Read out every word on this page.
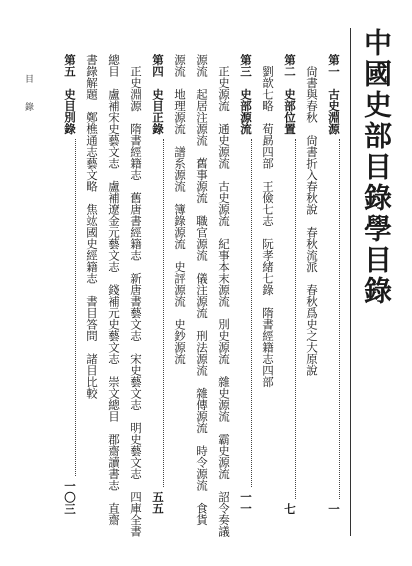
中國史部目錄學目錄
第一　古史淵源
一
　尙書與春秋　尙書折入春秋說　春秋流派　春秋爲史之大原說
第二　史部位置
七
　劉歆七略　荀勗四部　王儉七志　阮孝緒七錄　隋書經籍志四部
第三　史部源流
一一
　正史源流　通史源流　古史源流　紀事本末源流　別史源流　雜史源流　霸史源流　詔令奏議
源流　起居注源流　舊事源流　職官源流　儀注源流　刑法源流　雜傳源流　時令源流　食貨
源流　地理源流　譜系源流　簿錄源流　史評源流　史鈔源流
第四　史目正錄
五五
　正史淵源　隋書經籍志　舊唐書經籍志　新唐書藝文志　宋史藝文志　明史藝文志　四庫全書
總目　盧補宋史藝文志　盧補遼金元藝文志　錢補元史藝文志　崇文總目　郡齋讀書志　直齋
書錄解題　鄭樵通志藝文略　焦竑國史經籍志　書目答問　諸目比較
第五　史目別錄
一〇三
目 錄
